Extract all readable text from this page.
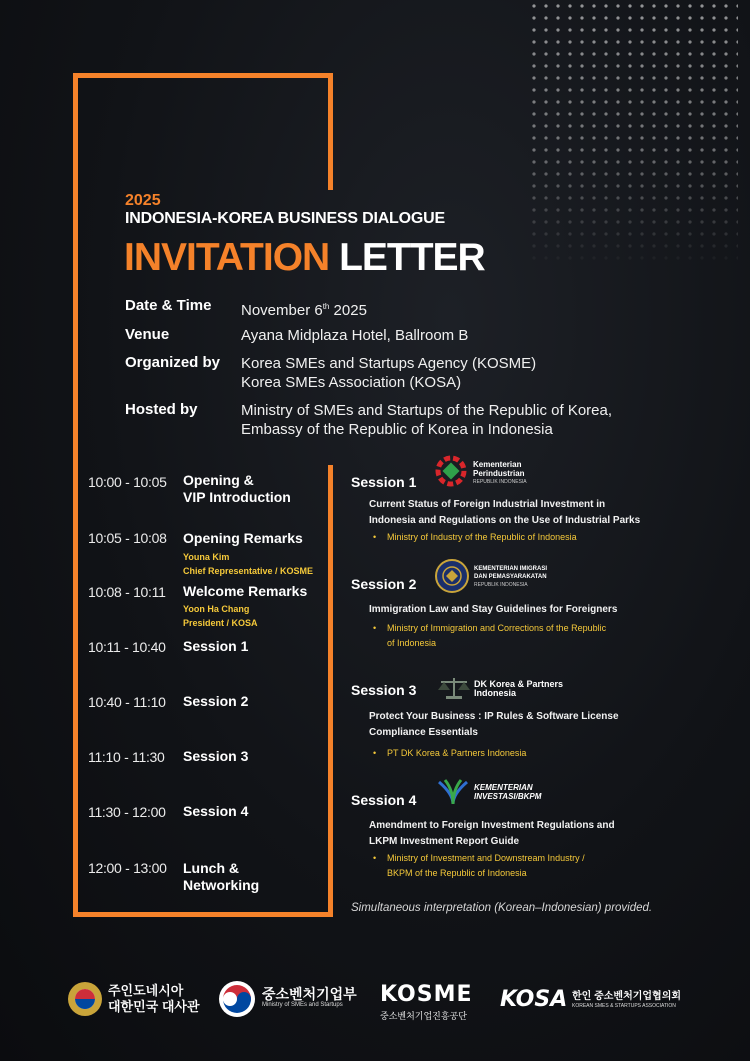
2025
INDONESIA-KOREA BUSINESS DIALOGUE
INVITATION LETTER
Date & Time November 6th 2025
Venue	Ayana Midplaza Hotel, Ballroom B
Organized by Korea SMEs and Startups Agency (KOSME)
Korea SMEs Association (KOSA)
Hosted by	Ministry of SMEs and Startups of the Republic of Korea,
Embassy of the Republic of Korea in Indonesia
10:00 - 10:05 Opening &
VIP Introduction
10:05 - 10:08 Opening Remarks
Youna Kim
Chief Representative / KOSME
10:08 - 10:11 Welcome Remarks
Yoon Ha Chang
President / KOSA
10:11 - 10:40 Session 1
10:40 - 11:10 Session 2
11:10 - 11:30 Session 3
11:30 - 12:00 Session 4
12:00 - 13:00 Lunch &
Networking
Session 1
Kementerian
Perindustrian
REPUBLIK INDONESIA
Current Status of Foreign Industrial Investment in
Indonesia and Regulations on the Use of Industrial Parks
• Ministry of Industry of the Republic of Indonesia
Session 2
KEMENTERIAN IMIGRASI
DAN PEMASYARAKATAN
REPUBLIK INDONESIA
Immigration Law and Stay Guidelines for Foreigners
• Ministry of Immigration and Corrections of the Republic
of Indonesia
Session 3	DK Korea & Partners
Indonesia
Protect Your Business : IP Rules & Software License
Compliance Essentials
• PT DK Korea & Partners Indonesia
Session 4
KEMENTERIAN
INVESTASI/BKPM
Amendment to Foreign Investment Regulations and
LKPM Investment Report Guide
• Ministry of Investment and Downstream Industry /
BKPM of the Republic of Indonesia
Simultaneous interpretation (Korean–Indonesian) provided.
주인도네시아
대한민국 대사관
중소벤처기업부
Ministry of SMEs and Startups	KOSME
중소벤처기업진흥공단
KOSA 한인 중소벤처기업협의회
KOREAN SMES & STARTUPS ASSOCIATION
